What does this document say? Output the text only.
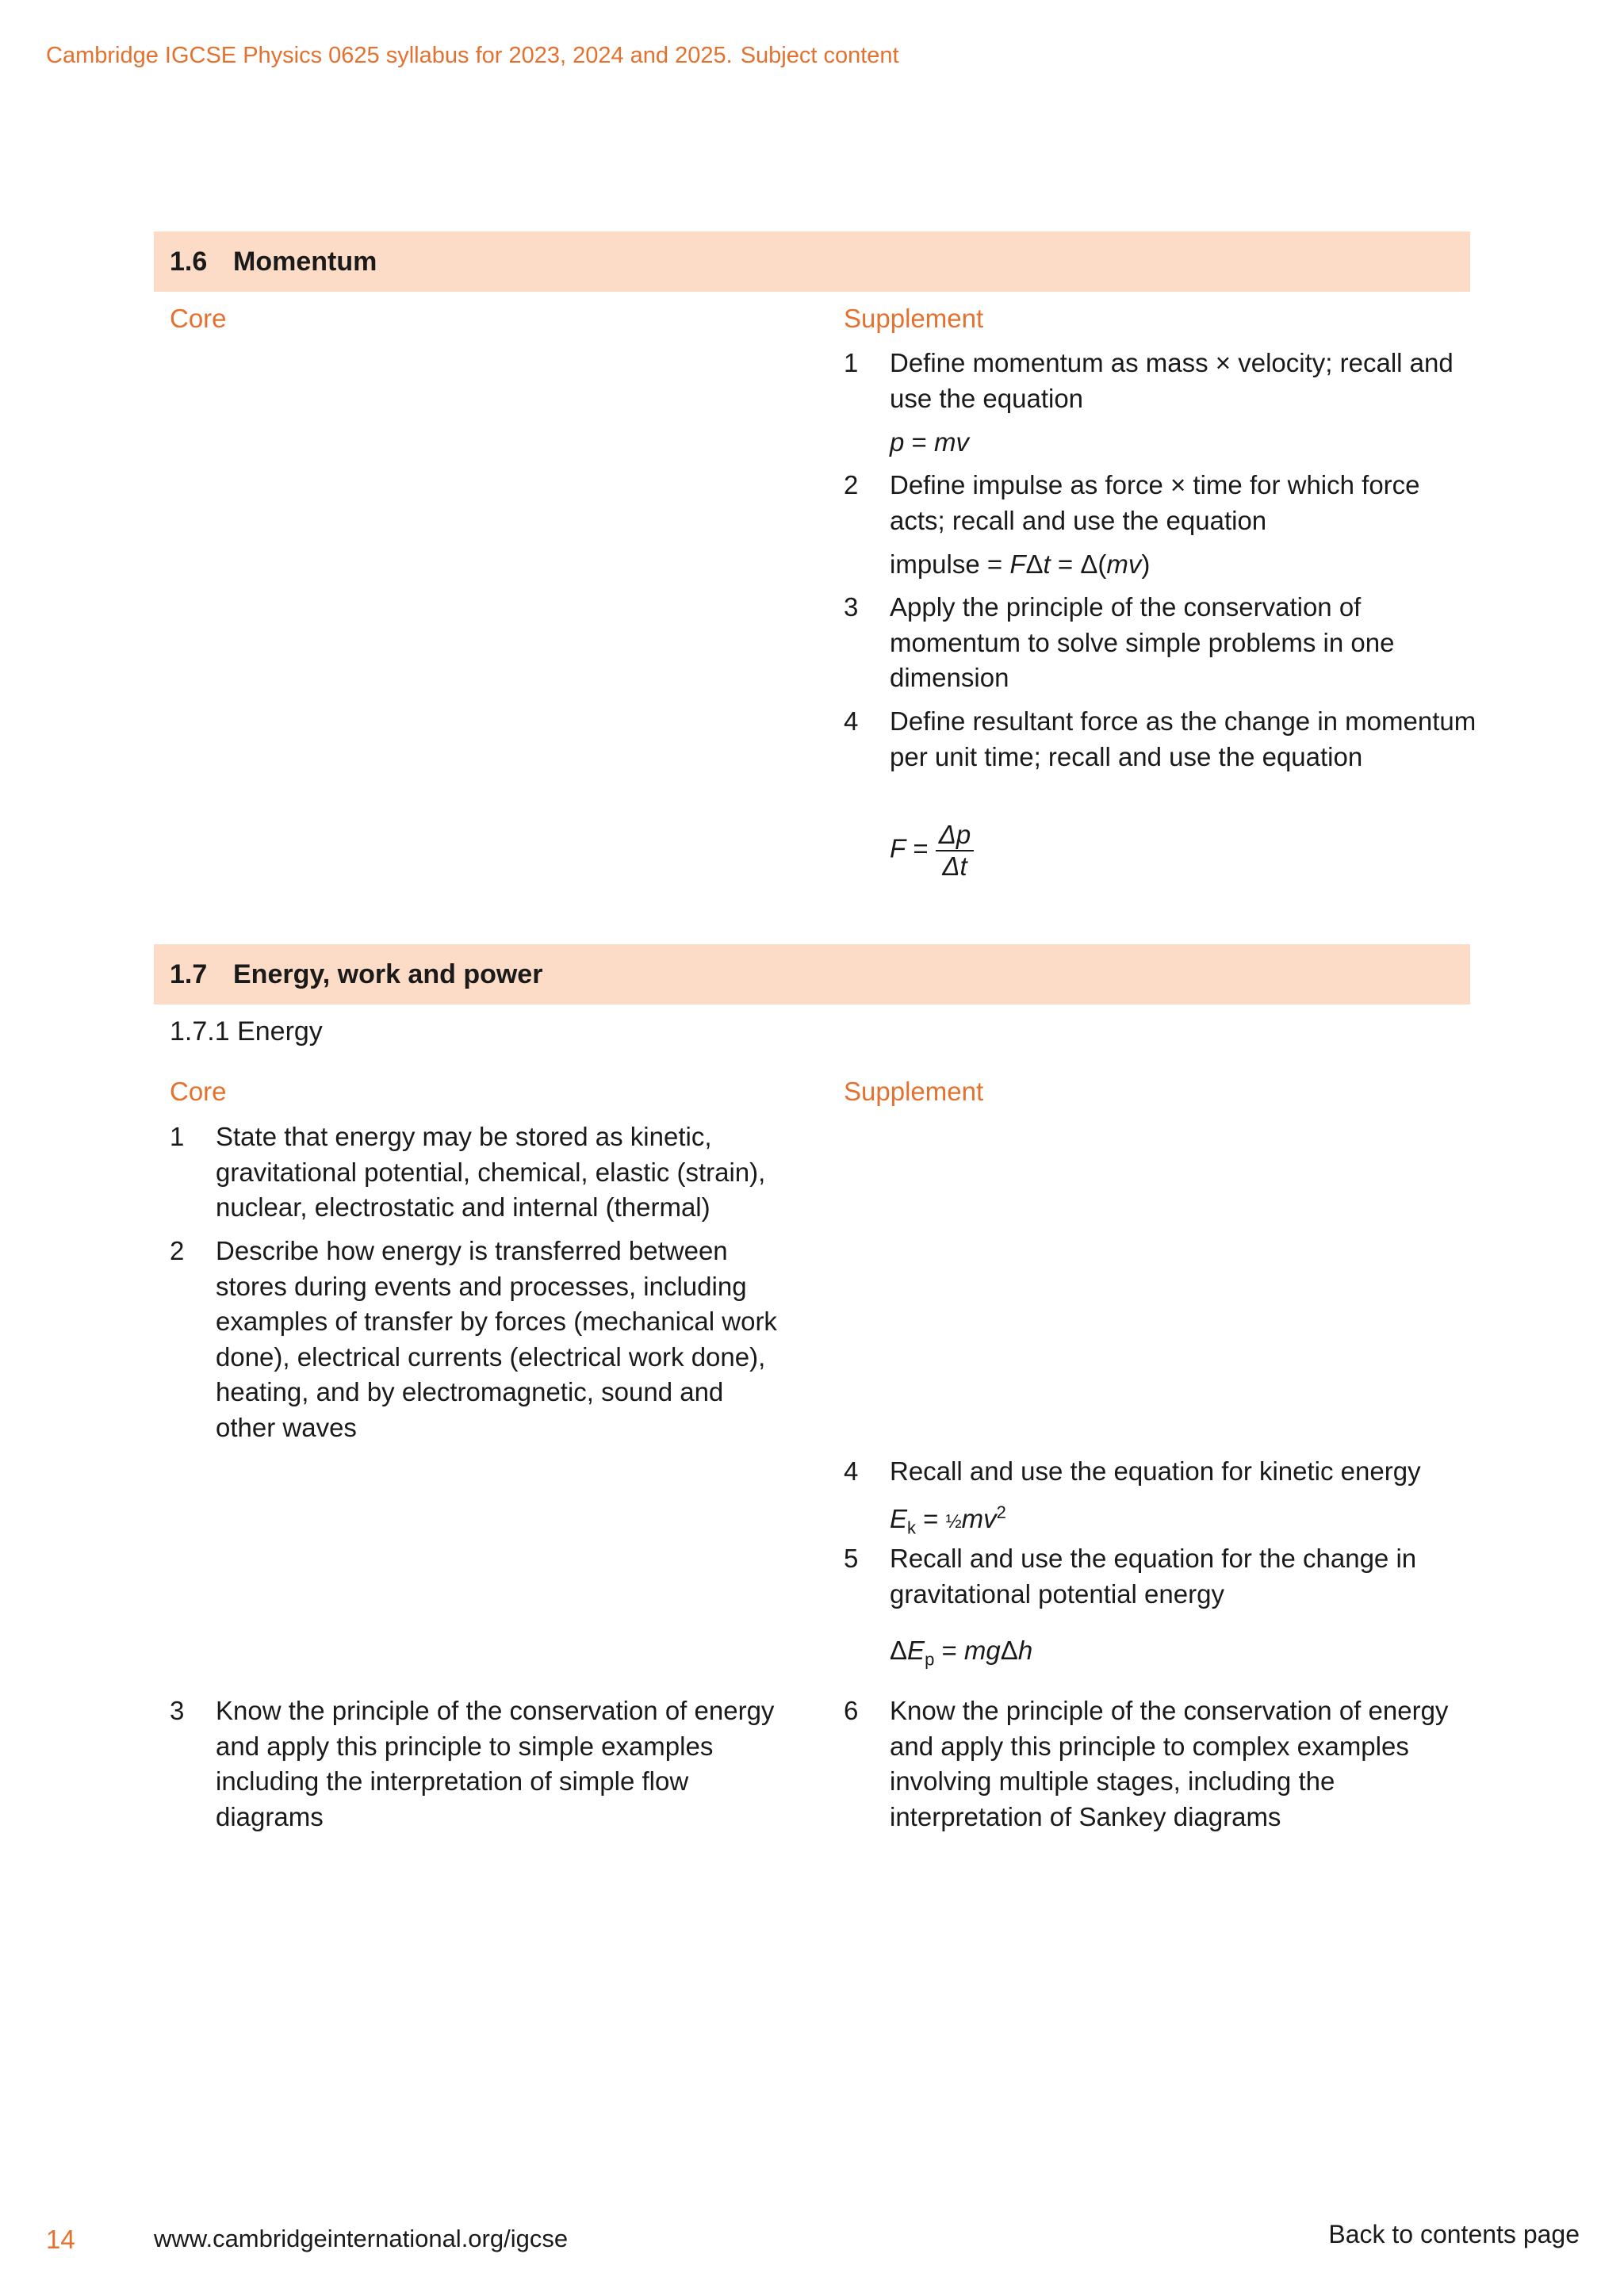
Cambridge IGCSE Physics 0625 syllabus for 2023, 2024 and 2025. Subject content
1.6 Momentum
Core	Supplement
1 Define momentum as mass × velocity; recall and use the equation
p = mv
2 Define impulse as force × time for which force acts; recall and use the equation
impulse = FΔt = Δ(mv)
3 Apply the principle of the conservation of momentum to solve simple problems in one dimension
4 Define resultant force as the change in momentum per unit time; recall and use the equation
$F = \frac{\Delta p}{\Delta t}$
1.7 Energy, work and power
1.7.1 Energy
Core	Supplement
1 State that energy may be stored as kinetic, gravitational potential, chemical, elastic (strain), nuclear, electrostatic and internal (thermal)
2 Describe how energy is transferred between stores during events and processes, including examples of transfer by forces (mechanical work done), electrical currents (electrical work done), heating, and by electromagnetic, sound and other waves
4 Recall and use the equation for kinetic energy
$E_k$ = $\frac{1}{2}mv^2$
5 Recall and use the equation for the change in gravitational potential energy
$\Delta E_p = mg\Delta h$
3 Know the principle of the conservation of energy and apply this principle to simple examples including the interpretation of simple flow diagrams
6 Know the principle of the conservation of energy and apply this principle to complex examples involving multiple stages, including the interpretation of Sankey diagrams
14	www.cambridgeinternational.org/igcse	Back to contents page
